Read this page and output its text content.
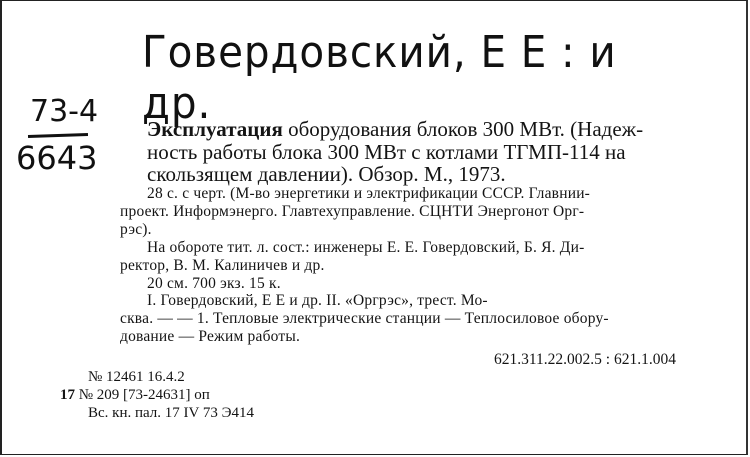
Говердовский, Е Е : и др.
73-4
6643
Эксплуатация оборудования блоков 300 МВт. (Надеж-
ность работы блока 300 МВт с котлами ТГМП-114 на
скользящем давлении). Обзор. М., 1973.
28 с. с черт. (М-во энергетики и электрификации СССР. Главнии-
проект. Информэнерго. Главтехуправление. СЦНТИ Энергонот Орг-
рэс).
На обороте тит. л. сост.: инженеры Е. Е. Говердовский, Б. Я. Ди-
ректор, В. М. Калиничев и др.
20 см. 700 экз. 15 к.
I. Говердовский, Е Е и др. II. «Оргрэс», трест. Мо-
сква. — — 1. Тепловые электрические станции — Теплосиловое обору-
дование — Режим работы.
621.311.22.002.5 : 621.1.004
№ 12461 16.4.2
17 № 209 [73-24631] оп
Вс. кн. пал. 17 IV 73 Э414
